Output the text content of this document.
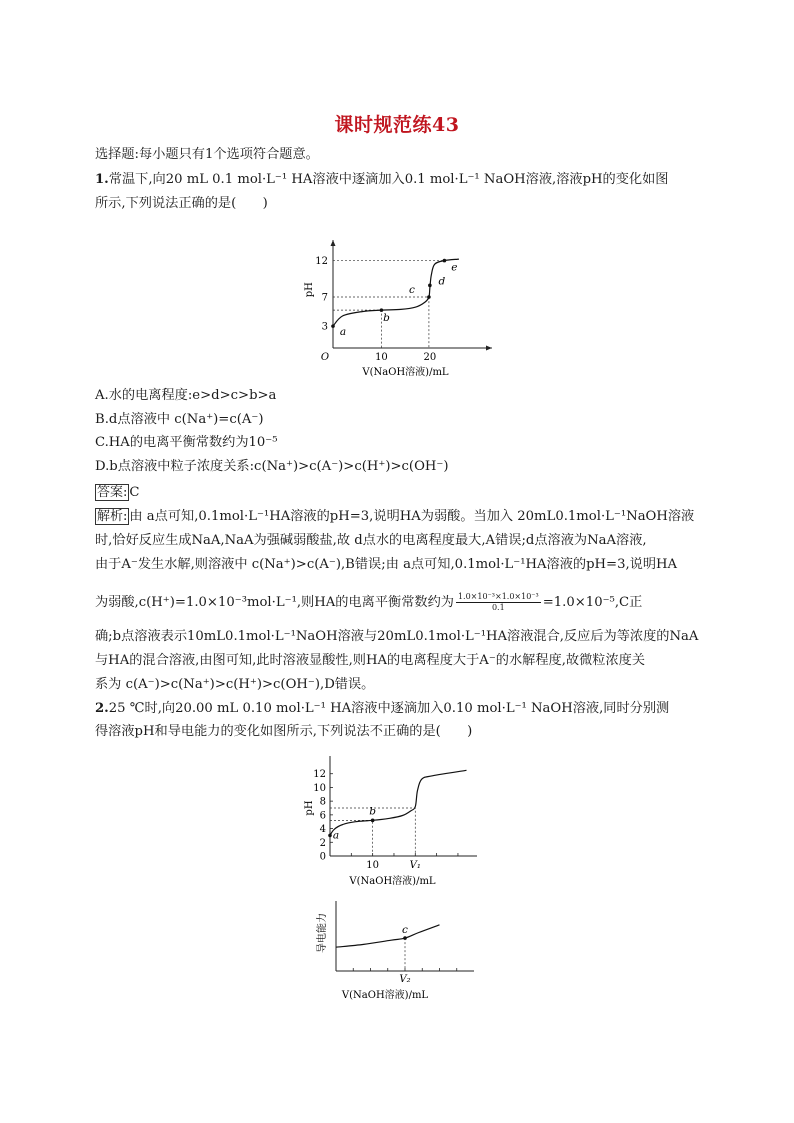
课时规范练43
选择题:每小题只有1个选项符合题意。
1.常温下,向20 mL 0.1 mol·L⁻¹ HA溶液中逐滴加入0.1 mol·L⁻¹ NaOH溶液,溶液pH的变化如图
所示,下列说法正确的是(　　)
O	10	20
3
7
12
V(NaOH溶液)/mL
pH
a
b
c
d
e
A.水的电离程度:e>d>c>b>a
B.d点溶液中 c(Na⁺)=c(A⁻)
C.HA的电离平衡常数约为10⁻⁵
D.b点溶液中粒子浓度关系:c(Na⁺)>c(A⁻)>c(H⁺)>c(OH⁻)
答案: C
解析: 由 a点可知,0.1mol·L⁻¹HA溶液的pH=3,说明HA为弱酸。当加入 20mL0.1mol·L⁻¹NaOH溶液
时,恰好反应生成NaA,NaA为强碱弱酸盐,故 d点水的电离程度最大,A错误;d点溶液为NaA溶液,
由于A⁻发生水解,则溶液中 c(Na⁺)>c(A⁻),B错误;由 a点可知,0.1mol·L⁻¹HA溶液的pH=3,说明HA
为弱酸,c(H⁺)=1.0×10⁻³mol·L⁻¹,则HA的电离平衡常数约为 $\frac{\text{1.0×10⁻³×1.0×10⁻³}}{0.1} =1.0\times 10^{-5},C$正
确;b点溶液表示10mL0.1mol·L⁻¹NaOH溶液与20mL0.1mol·L⁻¹HA溶液混合,反应后为等浓度的NaA
与HA的混合溶液,由图可知,此时溶液显酸性,则HA的电离程度大于A⁻的水解程度,故微粒浓度关
系为 c(A⁻)>c(Na⁺)>c(H⁺)>c(OH⁻),D错误。
2.25 ℃时,向20.00 mL 0.10 mol·L⁻¹ HA溶液中逐滴加入0.10 mol·L⁻¹ NaOH溶液,同时分别测
得溶液pH和导电能力的变化如图所示,下列说法不正确的是(　　)
2
4
6
8
10
12
0
10	V₁
V(NaOH溶液)/mL
pH
a
b
V₂
V(NaOH溶液)/mL
导电能力	c
